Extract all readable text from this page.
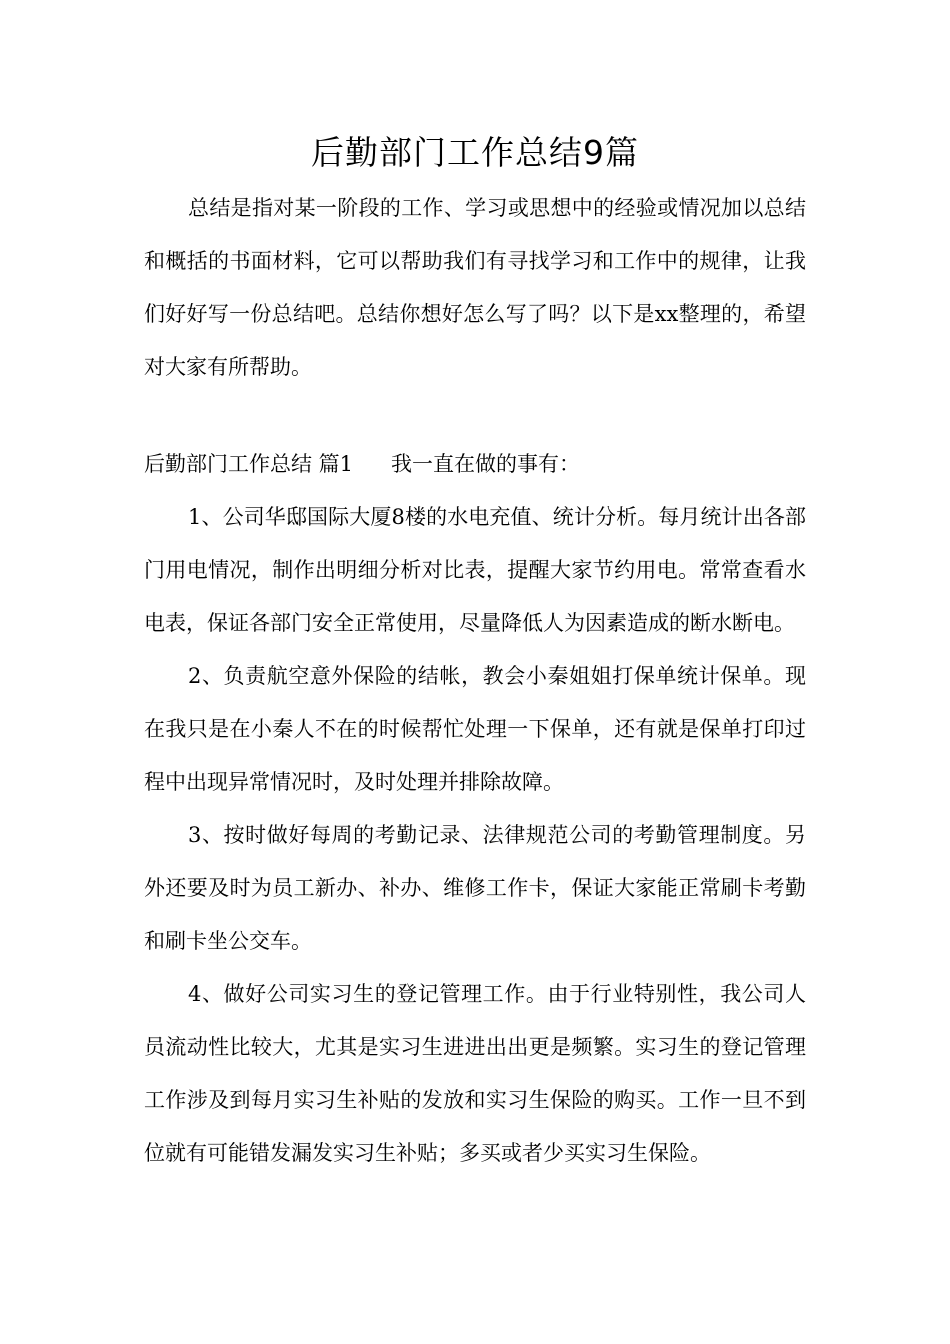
后勤部门工作总结9篇

总结是指对某一阶段的工作、学习或思想中的经验或情况加以总结和概括的书面材料，它可以帮助我们有寻找学习和工作中的规律，让我们好好写一份总结吧。总结你想好怎么写了吗？以下是xx整理的，希望对大家有所帮助。

后勤部门工作总结 篇1 我一直在做的事有：

1、公司华邸国际大厦8楼的水电充值、统计分析。每月统计出各部门用电情况，制作出明细分析对比表，提醒大家节约用电。常常查看水电表，保证各部门安全正常使用，尽量降低人为因素造成的断水断电。

2、负责航空意外保险的结帐，教会小秦姐姐打保单统计保单。现在我只是在小秦人不在的时候帮忙处理一下保单，还有就是保单打印过程中出现异常情况时，及时处理并排除故障。

3、按时做好每周的考勤记录、法律规范公司的考勤管理制度。另外还要及时为员工新办、补办、维修工作卡，保证大家能正常刷卡考勤和刷卡坐公交车。

4、做好公司实习生的登记管理工作。由于行业特别性，我公司人员流动性比较大，尤其是实习生进进出出更是频繁。实习生的登记管理工作涉及到每月实习生补贴的发放和实习生保险的购买。工作一旦不到位就有可能错发漏发实习生补贴；多买或者少买实习生保险。
